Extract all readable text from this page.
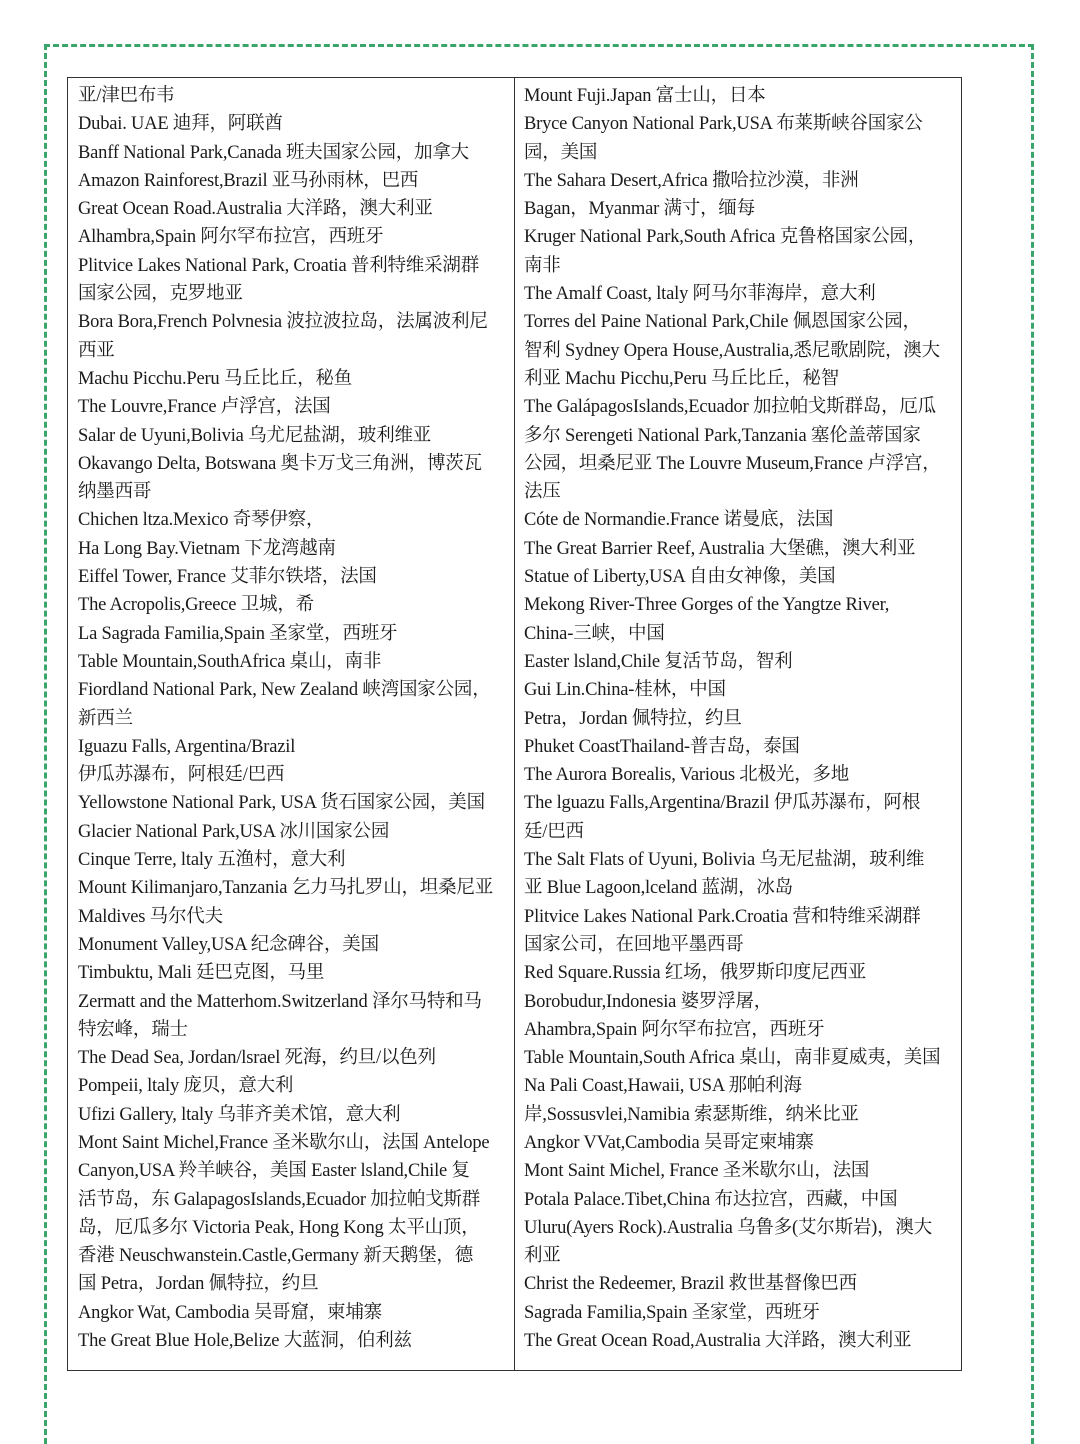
亚/津巴布韦
Dubai. UAE 迪拜，阿联酋
Banff National Park,Canada 班夫国家公园，加拿大
Amazon Rainforest,Brazil 亚马孙雨林，巴西
Great Ocean Road.Australia 大洋路，澳大利亚
Alhambra,Spain 阿尔罕布拉宫，西班牙
Plitvice Lakes National Park, Croatia 普利特维采湖群
国家公园，克罗地亚
Bora Bora,French Polvnesia 波拉波拉岛，法属波利尼
西亚
Machu Picchu.Peru 马丘比丘，秘鱼
The Louvre,France 卢浮宫，法国
Salar de Uyuni,Bolivia 乌尤尼盐湖，玻利维亚
Okavango Delta, Botswana 奥卡万戈三角洲，博茨瓦
纳墨西哥
Chichen ltza.Mexico 奇琴伊察，
Ha Long Bay.Vietnam 下龙湾越南
Eiffel Tower, France 艾菲尔铁塔，法国
The Acropolis,Greece 卫城，希
La Sagrada Familia,Spain 圣家堂，西班牙
Table Mountain,SouthAfrica 桌山，南非
Fiordland National Park, New Zealand 峡湾国家公园，
新西兰
Iguazu Falls, Argentina/Brazil
伊瓜苏瀑布，阿根廷/巴西
Yellowstone National Park, USA 货石国家公园，美国
Glacier National Park,USA 冰川国家公园
Cinque Terre, ltaly 五渔村，意大利
Mount Kilimanjaro,Tanzania 乞力马扎罗山，坦桑尼亚
Maldives 马尔代夫
Monument Valley,USA 纪念碑谷，美国
Timbuktu, Mali 廷巴克图，马里
Zermatt and the Matterhom.Switzerland 泽尔马特和马
特宏峰，瑞士
The Dead Sea, Jordan/lsrael 死海，约旦/以色列
Pompeii, ltaly 庞贝，意大利
Ufizi Gallery, ltaly 乌菲齐美术馆，意大利
Mont Saint Michel,France 圣米歇尔山，法国 Antelope
Canyon,USA 羚羊峡谷，美国 Easter lsland,Chile 复
活节岛，东 GalapagosIslands,Ecuador 加拉帕戈斯群
岛，厄瓜多尔 Victoria Peak, Hong Kong 太平山顶，
香港 Neuschwanstein.Castle,Germany 新天鹅堡，德
国 Petra，Jordan 佩特拉，约旦
Angkor Wat, Cambodia 吴哥窟，柬埔寨
The Great Blue Hole,Belize 大蓝洞，伯利兹
Mount Fuji.Japan 富士山，日本
Bryce Canyon National Park,USA 布莱斯峡谷国家公
园，美国
The Sahara Desert,Africa 撒哈拉沙漠，非洲
Bagan，Myanmar 满寸，缅每
Kruger National Park,South Africa 克鲁格国家公园，
南非
The Amalf Coast, ltaly 阿马尔菲海岸，意大利
Torres del Paine National Park,Chile 佩恩国家公园，
智利 Sydney Opera House,Australia,悉尼歌剧院，澳大
利亚 Machu Picchu,Peru 马丘比丘，秘智
The GalápagosIslands,Ecuador 加拉帕戈斯群岛，厄瓜
多尔 Serengeti National Park,Tanzania 塞伦盖蒂国家
公园，坦桑尼亚 The Louvre Museum,France 卢浮宫，
法压
Cóte de Normandie.France 诺曼底，法国
The Great Barrier Reef, Australia 大堡礁，澳大利亚
Statue of Liberty,USA 自由女神像，美国
Mekong River-Three Gorges of the Yangtze River,
China-三峡，中国
Easter lsland,Chile 复活节岛，智利
Gui Lin.China-桂林，中国
Petra，Jordan 佩特拉，约旦
Phuket CoastThailand-普吉岛，泰国
The Aurora Borealis, Various 北极光，多地
The lguazu Falls,Argentina/Brazil 伊瓜苏瀑布，阿根
廷/巴西
The Salt Flats of Uyuni, Bolivia 乌无尼盐湖，玻利维
亚 Blue Lagoon,lceland 蓝湖，冰岛
Plitvice Lakes National Park.Croatia 营和特维采湖群
国家公司，在回地平墨西哥
Red Square.Russia 红场，俄罗斯印度尼西亚
Borobudur,Indonesia 婆罗浮屠，
Ahambra,Spain 阿尔罕布拉宫，西班牙
Table Mountain,South Africa 桌山，南非夏威夷，美国
Na Pali Coast,Hawaii, USA 那帕利海
岸,Sossusvlei,Namibia 索瑟斯维，纳米比亚
Angkor VVat,Cambodia 吴哥定柬埔寨
Mont Saint Michel, France 圣米歇尔山，法国
Potala Palace.Tibet,China 布达拉宫，西藏，中国
Uluru(Ayers Rock).Australia 乌鲁多(艾尔斯岩)，澳大
利亚
Christ the Redeemer, Brazil 救世基督像巴西
Sagrada Familia,Spain 圣家堂，西班牙
The Great Ocean Road,Australia 大洋路，澳大利亚
